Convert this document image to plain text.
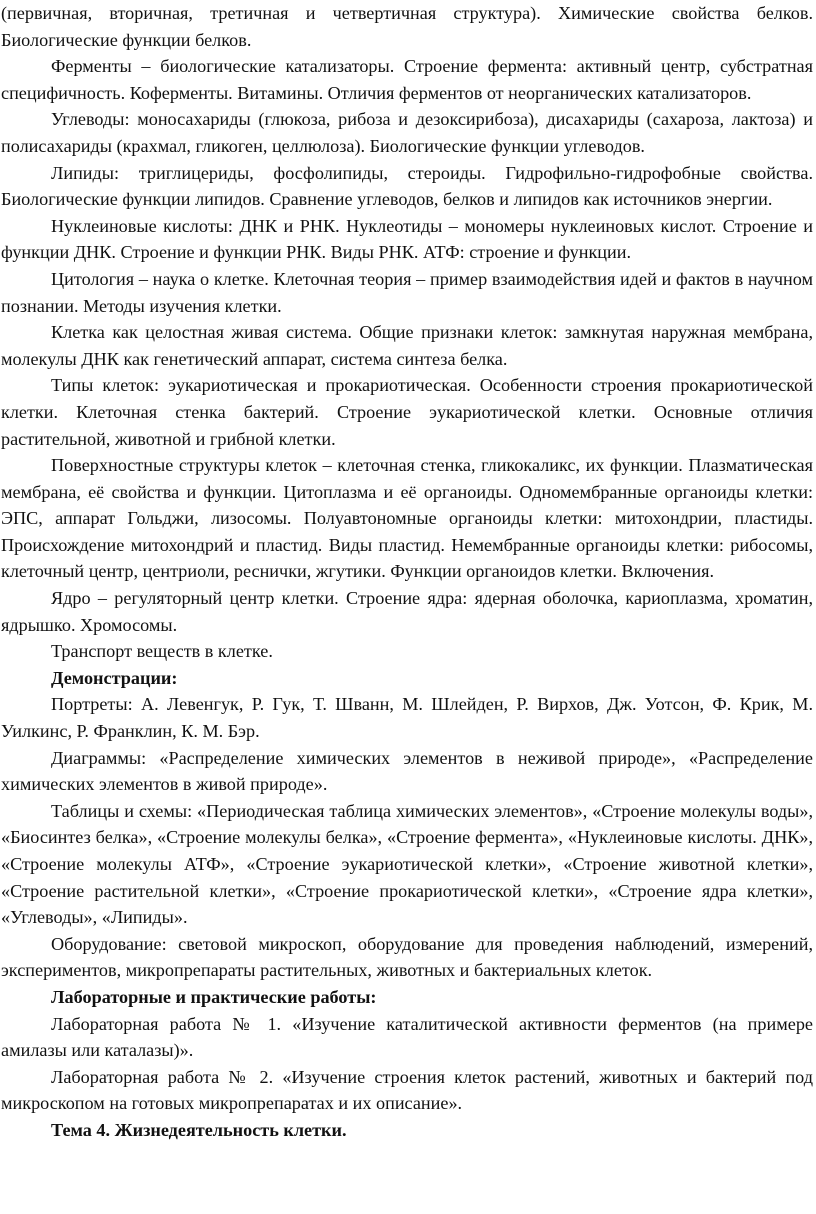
(первичная, вторичная, третичная и четвертичная структура). Химические свойства белков. Биологические функции белков.

Ферменты – биологические катализаторы. Строение фермента: активный центр, субстратная специфичность. Коферменты. Витамины. Отличия ферментов от неорганических катализаторов.

Углеводы: моносахариды (глюкоза, рибоза и дезоксирибоза), дисахариды (сахароза, лактоза) и полисахариды (крахмал, гликоген, целлюлоза). Биологические функции углеводов.

Липиды: триглицериды, фосфолипиды, стероиды. Гидрофильно-гидрофобные свойства. Биологические функции липидов. Сравнение углеводов, белков и липидов как источников энергии.

Нуклеиновые кислоты: ДНК и РНК. Нуклеотиды – мономеры нуклеиновых кислот. Строение и функции ДНК. Строение и функции РНК. Виды РНК. АТФ: строение и функции.

Цитология – наука о клетке. Клеточная теория – пример взаимодействия идей и фактов в научном познании. Методы изучения клетки.

Клетка как целостная живая система. Общие признаки клеток: замкнутая наружная мембрана, молекулы ДНК как генетический аппарат, система синтеза белка.

Типы клеток: эукариотическая и прокариотическая. Особенности строения прокариотической клетки. Клеточная стенка бактерий. Строение эукариотической клетки. Основные отличия растительной, животной и грибной клетки.

Поверхностные структуры клеток – клеточная стенка, гликокаликс, их функции. Плазматическая мембрана, её свойства и функции. Цитоплазма и её органоиды. Одномембранные органоиды клетки: ЭПС, аппарат Гольджи, лизосомы. Полуавтономные органоиды клетки: митохондрии, пластиды. Происхождение митохондрий и пластид. Виды пластид. Немембранные органоиды клетки: рибосомы, клеточный центр, центриоли, реснички, жгутики. Функции органоидов клетки. Включения.

Ядро – регуляторный центр клетки. Строение ядра: ядерная оболочка, кариоплазма, хроматин, ядрышко. Хромосомы.

Транспорт веществ в клетке.

Демонстрации:

Портреты: А. Левенгук, Р. Гук, Т. Шванн, М. Шлейден, Р. Вирхов, Дж. Уотсон, Ф. Крик, М. Уилкинс, Р. Франклин, К. М. Бэр.

Диаграммы: «Распределение химических элементов в неживой природе», «Распределение химических элементов в живой природе».

Таблицы и схемы: «Периодическая таблица химических элементов», «Строение молекулы воды», «Биосинтез белка», «Строение молекулы белка», «Строение фермента», «Нуклеиновые кислоты. ДНК», «Строение молекулы АТФ», «Строение эукариотической клетки», «Строение животной клетки», «Строение растительной клетки», «Строение прокариотической клетки», «Строение ядра клетки», «Углеводы», «Липиды».

Оборудование: световой микроскоп, оборудование для проведения наблюдений, измерений, экспериментов, микропрепараты растительных, животных и бактериальных клеток.

Лабораторные и практические работы:

Лабораторная работа № 1. «Изучение каталитической активности ферментов (на примере амилазы или каталазы)».

Лабораторная работа № 2. «Изучение строения клеток растений, животных и бактерий под микроскопом на готовых микропрепаратах и их описание».

Тема 4. Жизнедеятельность клетки.
